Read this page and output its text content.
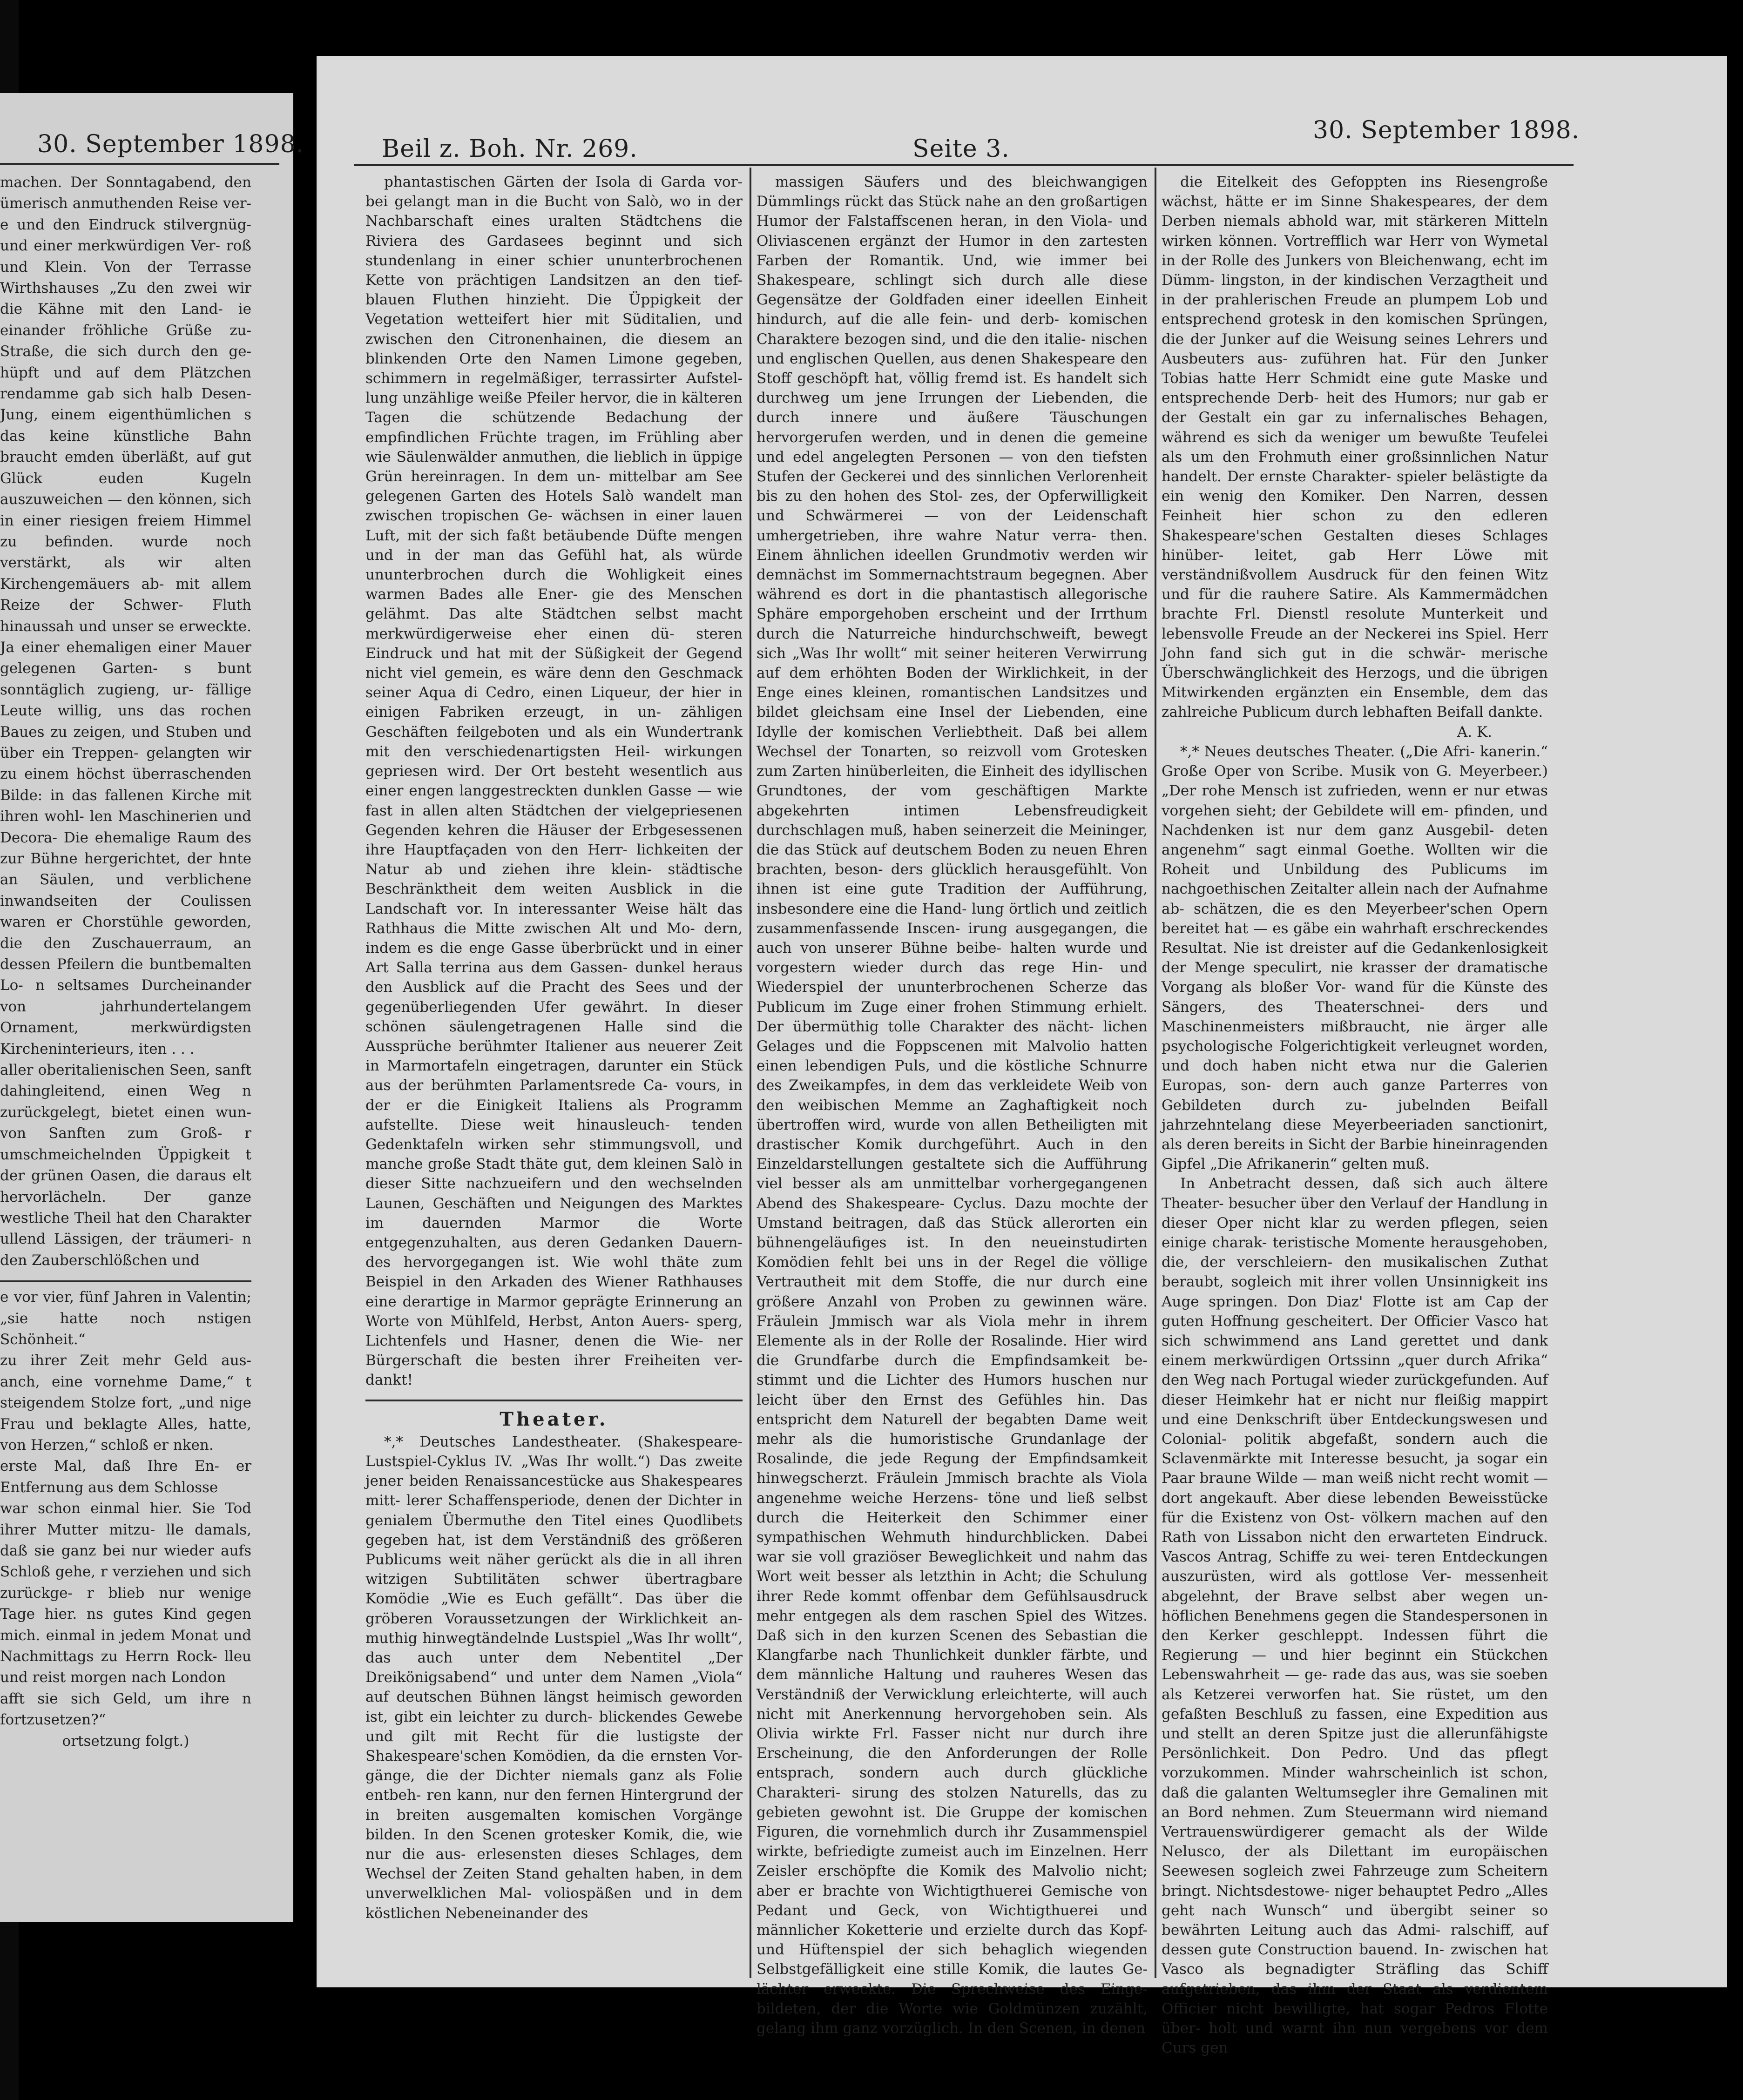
30. September 1898.

machen. Der Sonntagabend, den ümerisch anmuthenden Reise ver- e und den Eindruck stilvergnüg- und einer merkwürdigen Ver- roß und Klein. Von der Terrasse Wirthshauses „Zu den zwei wir die Kähne mit den Land- ie einander fröhliche Grüße zu- Straße, die sich durch den ge- hüpft und auf dem Plätzchen rendamme gab sich halb Desen- Jung, einem eigenthümlichen s das keine künstliche Bahn braucht emden überläßt, auf gut Glück euden Kugeln auszuweichen — den können, sich in einer riesigen freiem Himmel zu befinden. wurde noch verstärkt, als wir alten Kirchengemäuers ab- mit allem Reize der Schwer- Fluth hinaussah und unser se erweckte. Ja einer ehemaligen einer Mauer gelegenen Garten- s bunt sonntäglich zugieng, ur- fällige Leute willig, uns das rochen Baues zu zeigen, und Stuben und über ein Treppen- gelangten wir zu einem höchst überraschenden Bilde: in das fallenen Kirche mit ihren wohl- len Maschinerien und Decora- Die ehemalige Raum des zur Bühne hergerichtet, der hnte an Säulen, und verblichene inwandseiten der Coulissen waren er Chorstühle geworden, die den Zuschauerraum, an dessen Pfeilern die buntbemalten Lo- n seltsames Durcheinander von jahrhundertelangem Ornament, merkwürdigsten Kircheninterieurs, iten . . .

aller oberitalienischen Seen, sanft dahingleitend, einen Weg n zurückgelegt, bietet einen wun- von Sanften zum Groß- r umschmeichelnden Üppigkeit t der grünen Oasen, die daraus elt hervorlächeln. Der ganze westliche Theil hat den Charakter ullend Lässigen, der träumeri- n den Zauberschlößchen und

e vor vier, fünf Jahren in Valentin; „sie hatte noch nstigen Schönheit.“

zu ihrer Zeit mehr Geld aus- anch, eine vornehme Dame,“ t steigendem Stolze fort, „und nige Frau und beklagte Alles, hatte, von Herzen,“ schloß er nken.

erste Mal, daß Ihre En- er Entfernung aus dem Schlosse

war schon einmal hier. Sie Tod ihrer Mutter mitzu- lle damals, daß sie ganz bei nur wieder aufs Schloß gehe, r verziehen und sich zurückge- r blieb nur wenige Tage hier. ns gutes Kind gegen mich. einmal in jedem Monat und Nachmittags zu Herrn Rock- lleu und reist morgen nach London

afft sie sich Geld, um ihre n fortzusetzen?“

ortsetzung folgt.)

Beil z. Boh. Nr. 269.	Seite 3.
30. September 1898.

phantastischen Gärten der Isola di Garda vor- bei gelangt man in die Bucht von Salò, wo in der Nachbarschaft eines uralten Städtchens die Riviera des Gardasees beginnt und sich stundenlang in einer schier ununterbrochenen Kette von prächtigen Landsitzen an den tief- blauen Fluthen hinzieht. Die Üppigkeit der Vegetation wetteifert hier mit Süditalien, und zwischen den Citronenhainen, die diesem an blinkenden Orte den Namen Limone gegeben, schimmern in regelmäßiger, terrassirter Aufstel- lung unzählige weiße Pfeiler hervor, die in kälteren Tagen die schützende Bedachung der empfindlichen Früchte tragen, im Frühling aber wie Säulenwälder anmuthen, die lieblich in üppige Grün hereinragen. In dem un- mittelbar am See gelegenen Garten des Hotels Salò wandelt man zwischen tropischen Ge- wächsen in einer lauen Luft, mit der sich faßt betäubende Düfte mengen und in der man das Gefühl hat, als würde ununterbrochen durch die Wohligkeit eines warmen Bades alle Ener- gie des Menschen gelähmt. Das alte Städtchen selbst macht merkwürdigerweise eher einen dü- steren Eindruck und hat mit der Süßigkeit der Gegend nicht viel gemein, es wäre denn den Geschmack seiner Aqua di Cedro, einen Liqueur, der hier in einigen Fabriken erzeugt, in un- zähligen Geschäften feilgeboten und als ein Wundertrank mit den verschiedenartigsten Heil- wirkungen gepriesen wird. Der Ort besteht wesentlich aus einer engen langgestreckten dunklen Gasse — wie fast in allen alten Städtchen der vielgepriesenen Gegenden kehren die Häuser der Erbgesessenen ihre Hauptfaçaden von den Herr- lichkeiten der Natur ab und ziehen ihre klein- städtische Beschränktheit dem weiten Ausblick in die Landschaft vor. In interessanter Weise hält das Rathhaus die Mitte zwischen Alt und Mo- dern, indem es die enge Gasse überbrückt und in einer Art Salla terrina aus dem Gassen- dunkel heraus den Ausblick auf die Pracht des Sees und der gegenüberliegenden Ufer gewährt. In dieser schönen säulengetragenen Halle sind die Aussprüche berühmter Italiener aus neuerer Zeit in Marmortafeln eingetragen, darunter ein Stück aus der berühmten Parlamentsrede Ca- vours, in der er die Einigkeit Italiens als Programm aufstellte. Diese weit hinausleuch- tenden Gedenktafeln wirken sehr stimmungsvoll, und manche große Stadt thäte gut, dem kleinen Salò in dieser Sitte nachzueifern und den wechselnden Launen, Geschäften und Neigungen des Marktes im dauernden Marmor die Worte entgegenzuhalten, aus deren Gedanken Dauern- des hervorgegangen ist. Wie wohl thäte zum Beispiel in den Arkaden des Wiener Rathhauses eine derartige in Marmor geprägte Erinnerung an Worte von Mühlfeld, Herbst, Anton Auers- sperg, Lichtenfels und Hasner, denen die Wie- ner Bürgerschaft die besten ihrer Freiheiten ver- dankt!

Theater.

*,* Deutsches Landestheater. (Shakespeare- Lustspiel-Cyklus IV. „Was Ihr wollt.“) Das zweite jener beiden Renaissancestücke aus Shakespeares mitt- lerer Schaffensperiode, denen der Dichter in genialem Übermuthe den Titel eines Quodlibets gegeben hat, ist dem Verständniß des größeren Publicums weit näher gerückt als die in all ihren witzigen Subtilitäten schwer übertragbare Komödie „Wie es Euch gefällt“. Das über die gröberen Voraussetzungen der Wirklichkeit an- muthig hinwegtändelnde Lustspiel „Was Ihr wollt“, das auch unter dem Nebentitel „Der Dreikönigsabend“ und unter dem Namen „Viola“ auf deutschen Bühnen längst heimisch geworden ist, gibt ein leichter zu durch- blickendes Gewebe und gilt mit Recht für die lustigste der Shakespeare'schen Komödien, da die ernsten Vor- gänge, die der Dichter niemals ganz als Folie entbeh- ren kann, nur den fernen Hintergrund der in breiten ausgemalten komischen Vorgänge bilden. In den Scenen grotesker Komik, die, wie nur die aus- erlesensten dieses Schlages, dem Wechsel der Zeiten Stand gehalten haben, in dem unverwelklichen Mal- voliospäßen und in dem köstlichen Nebeneinander des

massigen Säufers und des bleichwangigen Dümmlings rückt das Stück nahe an den großartigen Humor der Falstaffscenen heran, in den Viola- und Oliviascenen ergänzt der Humor in den zartesten Farben der Romantik. Und, wie immer bei Shakespeare, schlingt sich durch alle diese Gegensätze der Goldfaden einer ideellen Einheit hindurch, auf die alle fein- und derb- komischen Charaktere bezogen sind, und die den italie- nischen und englischen Quellen, aus denen Shakespeare den Stoff geschöpft hat, völlig fremd ist. Es handelt sich durchweg um jene Irrungen der Liebenden, die durch innere und äußere Täuschungen hervorgerufen werden, und in denen die gemeine und edel angelegten Personen — von den tiefsten Stufen der Geckerei und des sinnlichen Verlorenheit bis zu den hohen des Stol- zes, der Opferwilligkeit und Schwärmerei — von der Leidenschaft umhergetrieben, ihre wahre Natur verra- then. Einem ähnlichen ideellen Grundmotiv werden wir demnächst im Sommernachtstraum begegnen. Aber während es dort in die phantastisch allegorische Sphäre emporgehoben erscheint und der Irrthum durch die Naturreiche hindurchschweift, bewegt sich „Was Ihr wollt“ mit seiner heiteren Verwirrung auf dem erhöhten Boden der Wirklichkeit, in der Enge eines kleinen, romantischen Landsitzes und bildet gleichsam eine Insel der Liebenden, eine Idylle der komischen Verliebtheit. Daß bei allem Wechsel der Tonarten, so reizvoll vom Grotesken zum Zarten hinüberleiten, die Einheit des idyllischen Grundtones, der vom geschäftigen Markte abgekehrten intimen Lebensfreudigkeit durchschlagen muß, haben seinerzeit die Meininger, die das Stück auf deutschem Boden zu neuen Ehren brachten, beson- ders glücklich herausgefühlt. Von ihnen ist eine gute Tradition der Aufführung, insbesondere eine die Hand- lung örtlich und zeitlich zusammenfassende Inscen- irung ausgegangen, die auch von unserer Bühne beibe- halten wurde und vorgestern wieder durch das rege Hin- und Wiederspiel der ununterbrochenen Scherze das Publicum im Zuge einer frohen Stimmung erhielt. Der übermüthig tolle Charakter des nächt- lichen Gelages und die Foppscenen mit Malvolio hatten einen lebendigen Puls, und die köstliche Schnurre des Zweikampfes, in dem das verkleidete Weib von den weibischen Memme an Zaghaftigkeit noch übertroffen wird, wurde von allen Betheiligten mit drastischer Komik durchgeführt. Auch in den Einzeldarstellungen gestaltete sich die Aufführung viel besser als am unmittelbar vorhergegangenen Abend des Shakespeare- Cyclus. Dazu mochte der Umstand beitragen, daß das Stück allerorten ein bühnengeläufiges ist. In den neueinstudirten Komödien fehlt bei uns in der Regel die völlige Vertrautheit mit dem Stoffe, die nur durch eine größere Anzahl von Proben zu gewinnen wäre. Fräulein Jmmisch war als Viola mehr in ihrem Elemente als in der Rolle der Rosalinde. Hier wird die Grundfarbe durch die Empfindsamkeit be- stimmt und die Lichter des Humors huschen nur leicht über den Ernst des Gefühles hin. Das entspricht dem Naturell der begabten Dame weit mehr als die humoristische Grundanlage der Rosalinde, die jede Regung der Empfindsamkeit hinwegscherzt. Fräulein Jmmisch brachte als Viola angenehme weiche Herzens- töne und ließ selbst durch die Heiterkeit den Schimmer einer sympathischen Wehmuth hindurchblicken. Dabei war sie voll graziöser Beweglichkeit und nahm das Wort weit besser als letzthin in Acht; die Schulung ihrer Rede kommt offenbar dem Gefühlsausdruck mehr entgegen als dem raschen Spiel des Witzes. Daß sich in den kurzen Scenen des Sebastian die Klangfarbe nach Thunlichkeit dunkler färbte, und dem männliche Haltung und rauheres Wesen das Verständniß der Verwicklung erleichterte, will auch nicht mit Anerkennung hervorgehoben sein. Als Olivia wirkte Frl. Fasser nicht nur durch ihre Erscheinung, die den Anforderungen der Rolle entsprach, sondern auch durch glückliche Charakteri- sirung des stolzen Naturells, das zu gebieten gewohnt ist. Die Gruppe der komischen Figuren, die vornehmlich durch ihr Zusammenspiel wirkte, befriedigte zumeist auch im Einzelnen. Herr Zeisler erschöpfte die Komik des Malvolio nicht; aber er brachte von Wichtigthuerei Gemische von Pedant und Geck, von Wichtigthuerei und männlicher Koketterie und erzielte durch das Kopf- und Hüftenspiel der sich behaglich wiegenden Selbstgefälligkeit eine stille Komik, die lautes Ge- lächter erweckte. Die Sprechweise des Einge- bildeten, der die Worte wie Goldmünzen zuzählt, gelang ihm ganz vorzüglich. In den Scenen, in denen

die Eitelkeit des Gefoppten ins Riesengroße wächst, hätte er im Sinne Shakespeares, der dem Derben niemals abhold war, mit stärkeren Mitteln wirken können. Vortrefflich war Herr von Wymetal in der Rolle des Junkers von Bleichenwang, echt im Dümm- lingston, in der kindischen Verzagtheit und in der prahlerischen Freude an plumpem Lob und entsprechend grotesk in den komischen Sprüngen, die der Junker auf die Weisung seines Lehrers und Ausbeuters aus- zuführen hat. Für den Junker Tobias hatte Herr Schmidt eine gute Maske und entsprechende Derb- heit des Humors; nur gab er der Gestalt ein gar zu infernalisches Behagen, während es sich da weniger um bewußte Teufelei als um den Frohmuth einer großsinnlichen Natur handelt. Der ernste Charakter- spieler belästigte da ein wenig den Komiker. Den Narren, dessen Feinheit hier schon zu den edleren Shakespeare'schen Gestalten dieses Schlages hinüber- leitet, gab Herr Löwe mit verständnißvollem Ausdruck für den feinen Witz und für die rauhere Satire. Als Kammermädchen brachte Frl. Dienstl resolute Munterkeit und lebensvolle Freude an der Neckerei ins Spiel. Herr John fand sich gut in die schwär- merische Überschwänglichkeit des Herzogs, und die übrigen Mitwirkenden ergänzten ein Ensemble, dem das zahlreiche Publicum durch lebhaften Beifall dankte.

A. K.

*,* Neues deutsches Theater. („Die Afri- kanerin.“ Große Oper von Scribe. Musik von G. Meyerbeer.) „Der rohe Mensch ist zufrieden, wenn er nur etwas vorgehen sieht; der Gebildete will em- pfinden, und Nachdenken ist nur dem ganz Ausgebil- deten angenehm“ sagt einmal Goethe. Wollten wir die Roheit und Unbildung des Publicums im nachgoethischen Zeitalter allein nach der Aufnahme ab- schätzen, die es den Meyerbeer'schen Opern bereitet hat — es gäbe ein wahrhaft erschreckendes Resultat. Nie ist dreister auf die Gedankenlosigkeit der Menge speculirt, nie krasser der dramatische Vorgang als bloßer Vor- wand für die Künste des Sängers, des Theaterschnei- ders und Maschinenmeisters mißbraucht, nie ärger alle psychologische Folgerichtigkeit verleugnet worden, und doch haben nicht etwa nur die Galerien Europas, son- dern auch ganze Parterres von Gebildeten durch zu- jubelnden Beifall jahrzehntelang diese Meyerbeeriaden sanctionirt, als deren bereits in Sicht der Barbie hineinragenden Gipfel „Die Afrikanerin“ gelten muß.

In Anbetracht dessen, daß sich auch ältere Theater- besucher über den Verlauf der Handlung in dieser Oper nicht klar zu werden pflegen, seien einige charak- teristische Momente herausgehoben, die, der verschleiern- den musikalischen Zuthat beraubt, sogleich mit ihrer vollen Unsinnigkeit ins Auge springen. Don Diaz' Flotte ist am Cap der guten Hoffnung gescheitert. Der Officier Vasco hat sich schwimmend ans Land gerettet und dank einem merkwürdigen Ortssinn „quer durch Afrika“ den Weg nach Portugal wieder zurückgefunden. Auf dieser Heimkehr hat er nicht nur fleißig mappirt und eine Denkschrift über Entdeckungswesen und Colonial- politik abgefaßt, sondern auch die Sclavenmärkte mit Interesse besucht, ja sogar ein Paar braune Wilde — man weiß nicht recht womit — dort angekauft. Aber diese lebenden Beweisstücke für die Existenz von Ost- völkern machen auf den Rath von Lissabon nicht den erwarteten Eindruck. Vascos Antrag, Schiffe zu wei- teren Entdeckungen auszurüsten, wird als gottlose Ver- messenheit abgelehnt, der Brave selbst aber wegen un- höflichen Benehmens gegen die Standespersonen in den Kerker geschleppt. Indessen führt die Regierung — und hier beginnt ein Stückchen Lebenswahrheit — ge- rade das aus, was sie soeben als Ketzerei verworfen hat. Sie rüstet, um den gefaßten Beschluß zu fassen, eine Expedition aus und stellt an deren Spitze just die allerunfähigste Persönlichkeit. Don Pedro. Und das pflegt vorzukommen. Minder wahrscheinlich ist schon, daß die galanten Weltumsegler ihre Gemalinen mit an Bord nehmen. Zum Steuermann wird niemand Vertrauenswürdigerer gemacht als der Wilde Nelusco, der als Dilettant im europäischen Seewesen sogleich zwei Fahrzeuge zum Scheitern bringt. Nichtsdestowe- niger behauptet Pedro „Alles geht nach Wunsch“ und übergibt seiner so bewährten Leitung auch das Admi- ralschiff, auf dessen gute Construction bauend. In- zwischen hat Vasco als begnadigter Sträfling das Schiff aufgetrieben, das ihm der Staat als verdientem Officier nicht bewilligte, hat sogar Pedros Flotte über- holt und warnt ihn nun vergebens vor dem Curs gen
